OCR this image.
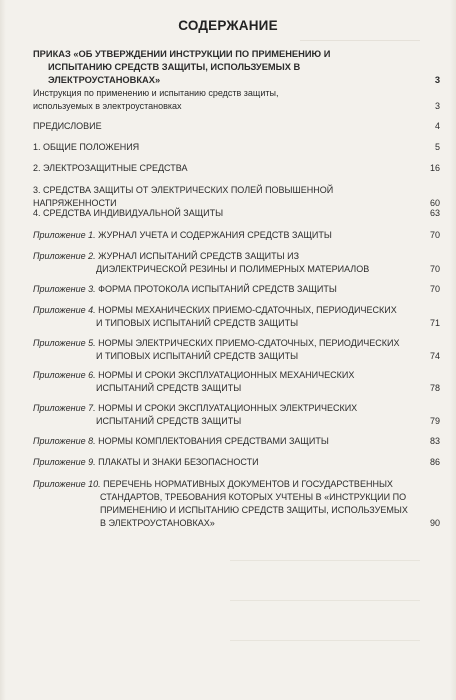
СОДЕРЖАНИЕ
ПРИКАЗ «ОБ УТВЕРЖДЕНИИ ИНСТРУКЦИИ ПО ПРИМЕНЕНИЮ И ИСПЫТАНИЮ СРЕДСТВ ЗАЩИТЫ, ИСПОЛЬЗУЕМЫХ В ЭЛЕКТРОУСТАНОВКАХ»	3
Инструкция по применению и испытанию средств защиты, используемых в электроустановках	3
ПРЕДИСЛОВИЕ	4
1. ОБЩИЕ ПОЛОЖЕНИЯ	5
2. ЭЛЕКТРОЗАЩИТНЫЕ СРЕДСТВА	16
3. СРЕДСТВА ЗАЩИТЫ ОТ ЭЛЕКТРИЧЕСКИХ ПОЛЕЙ ПОВЫШЕННОЙ НАПРЯЖЕННОСТИ	60
4. СРЕДСТВА ИНДИВИДУАЛЬНОЙ ЗАЩИТЫ	63
Приложение 1. ЖУРНАЛ УЧЕТА И СОДЕРЖАНИЯ СРЕДСТВ ЗАЩИТЫ	70
Приложение 2. ЖУРНАЛ ИСПЫТАНИЙ СРЕДСТВ ЗАЩИТЫ ИЗ ДИЭЛЕКТРИЧЕСКОЙ РЕЗИНЫ И ПОЛИМЕРНЫХ МАТЕРИАЛОВ	70
Приложение 3. ФОРМА ПРОТОКОЛА ИСПЫТАНИЙ СРЕДСТВ ЗАЩИТЫ	70
Приложение 4. НОРМЫ МЕХАНИЧЕСКИХ ПРИЕМО-СДАТОЧНЫХ, ПЕРИОДИЧЕСКИХ И ТИПОВЫХ ИСПЫТАНИЙ СРЕДСТВ ЗАЩИТЫ	71
Приложение 5. НОРМЫ ЭЛЕКТРИЧЕСКИХ ПРИЕМО-СДАТОЧНЫХ, ПЕРИОДИЧЕСКИХ И ТИПОВЫХ ИСПЫТАНИЙ СРЕДСТВ ЗАЩИТЫ	74
Приложение 6. НОРМЫ И СРОКИ ЭКСПЛУАТАЦИОННЫХ МЕХАНИЧЕСКИХ ИСПЫТАНИЙ СРЕДСТВ ЗАЩИТЫ	78
Приложение 7. НОРМЫ И СРОКИ ЭКСПЛУАТАЦИОННЫХ ЭЛЕКТРИЧЕСКИХ ИСПЫТАНИЙ СРЕДСТВ ЗАЩИТЫ	79
Приложение 8. НОРМЫ КОМПЛЕКТОВАНИЯ СРЕДСТВАМИ ЗАЩИТЫ	83
Приложение 9. ПЛАКАТЫ И ЗНАКИ БЕЗОПАСНОСТИ	86
Приложение 10. ПЕРЕЧЕНЬ НОРМАТИВНЫХ ДОКУМЕНТОВ И ГОСУДАРСТВЕННЫХ СТАНДАРТОВ, ТРЕБОВАНИЯ КОТОРЫХ УЧТЕНЫ В «ИНСТРУКЦИИ ПО ПРИМЕНЕНИЮ И ИСПЫТАНИЮ СРЕДСТВ ЗАЩИТЫ, ИСПОЛЬЗУЕМЫХ В ЭЛЕКТРОУСТАНОВКАХ»	90
